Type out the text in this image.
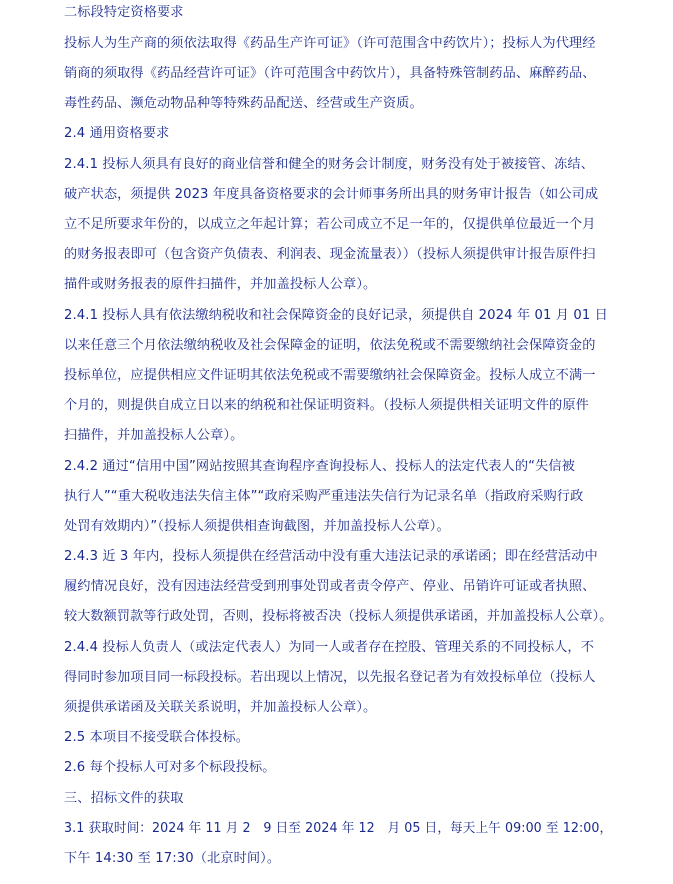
二标段特定资格要求
投标人为生产商的须依法取得《药品生产许可证》（许可范围含中药饮片）；投标人为代理经
销商的须取得《药品经营许可证》（许可范围含中药饮片），具备特殊管制药品、麻醉药品、
毒性药品、濒危动物品种等特殊药品配送、经营或生产资质。
2.4 通用资格要求
2.4.1 投标人须具有良好的商业信誉和健全的财务会计制度，财务没有处于被接管、冻结、
破产状态，须提供 2023 年度具备资格要求的会计师事务所出具的财务审计报告（如公司成
立不足所要求年份的，以成立之年起计算；若公司成立不足一年的，仅提供单位最近一个月
的财务报表即可（包含资产负债表、利润表、现金流量表））（投标人须提供审计报告原件扫
描件或财务报表的原件扫描件，并加盖投标人公章）。
2.4.1 投标人具有依法缴纳税收和社会保障资金的良好记录，须提供自 2024 年 01 月 01 日
以来任意三个月依法缴纳税收及社会保障金的证明，依法免税或不需要缴纳社会保障资金的
投标单位，应提供相应文件证明其依法免税或不需要缴纳社会保障资金。投标人成立不满一
个月的，则提供自成立日以来的纳税和社保证明资料。（投标人须提供相关证明文件的原件
扫描件，并加盖投标人公章）。
2.4.2 通过“信用中国”网站按照其查询程序查询投标人、投标人的法定代表人的“失信被
执行人”“重大税收违法失信主体”“政府采购严重违法失信行为记录名单（指政府采购行政
处罚有效期内）”（投标人须提供相查询截图，并加盖投标人公章）。
2.4.3 近 3 年内，投标人须提供在经营活动中没有重大违法记录的承诺函；即在经营活动中
履约情况良好，没有因违法经营受到刑事处罚或者责令停产、停业、吊销许可证或者执照、
较大数额罚款等行政处罚，否则，投标将被否决（投标人须提供承诺函，并加盖投标人公章）。
2.4.4 投标人负责人（或法定代表人）为同一人或者存在控股、管理关系的不同投标人，不
得同时参加项目同一标段投标。若出现以上情况，以先报名登记者为有效投标单位（投标人
须提供承诺函及关联关系说明，并加盖投标人公章）。
2.5 本项目不接受联合体投标。
2.6 每个投标人可对多个标段投标。
三、招标文件的获取
3.1 获取时间：2024 年 11 月 2　9 日至 2024 年 12　月 05 日，每天上午 09:00 至 12:00，
下午 14:30 至 17:30（北京时间）。
